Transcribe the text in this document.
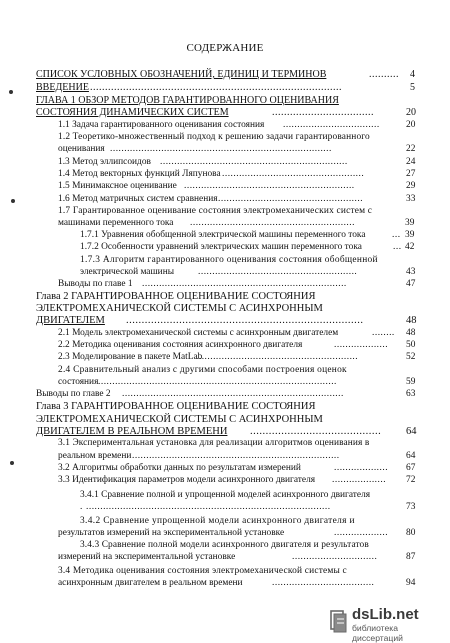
СОДЕРЖАНИЕ
СПИСОК УСЛОВНЫХ ОБОЗНАЧЕНИЙ, ЕДИНИЦ И ТЕРМИНОВ	..........	4
ВВЕДЕНИЕ ....................................................................................	5
ГЛАВА 1 ОБЗОР МЕТОДОВ ГАРАНТИРОВАННОГО ОЦЕНИВАНИЯ
СОСТОЯНИЯ ДИНАМИЧЕСКИХ СИСТЕМ	..................................	20
1.1 Задача гарантированного оценивания состояния ..................................	20
1.2 Теоретико-множественный подход к решению задачи гарантированного
оценивания ..............................................................................	22
1.3 Метод эллипсоидов ..................................................................	24
1.4 Метод векторных функций Ляпунова ..................................................	27
1.5 Минимаксное оценивание ............................................................	29
1.6 Метод матричных систем сравнения ...................................................	33
1.7 Гарантированное оценивание состояния электромеханических систем с
машинами переменного тока ..........................................................	39
1.7.1 Уравнения обобщенной электрической машины переменного тока	... 39
1.7.2 Особенности уравнений электрических машин переменного тока	... 42
1.7.3 Алгоритм гарантированного оценивания состояния обобщенной
электрической машины	........................................................	43
Выводы по главе 1 ........................................................................	47
Глава 2 ГАРАНТИРОВАННОЕ ОЦЕНИВАНИЕ СОСТОЯНИЯ
ЭЛЕКТРОМЕХАНИЧЕСКОЙ СИСТЕМЫ С АСИНХРОННЫМ
ДВИГАТЕЛЕМ ............................................................................	48
2.1 Модель электромеханической системы с асинхронным двигателем	........	48
2.2 Методика оценивания состояния асинхронного двигателя	...................	50
2.3 Моделирование в пакете MatLab
.........................................................	52
2.4 Сравнительный анализ с другими способами построения оценок
состояния ....................................................................................	59
Выводы по главе 2 ..............................................................................	63
Глава 3 ГАРАНТИРОВАННОЕ ОЦЕНИВАНИЕ СОСТОЯНИЯ
ЭЛЕКТРОМЕХАНИЧЕСКОЙ СИСТЕМЫ С АСИНХРОННЫМ
ДВИГАТЕЛЕМ В РЕАЛЬНОМ ВРЕМЕНИ ..........................................	64
3.1 Экспериментальная установка для реализации алгоритмов оценивания в
реальном времени .........................................................................	64
3.2 Алгоритмы обработки данных по результатам измерений	...................	67
3.3 Идентификация параметров модели асинхронного двигателя ...................	72
3.4.1 Сравнение полной и упрощенной моделей асинхронного двигателя
. ......................................................................................	73
3.4.2 Сравнение упрощенной модели асинхронного двигателя и
результатов измерений на экспериментальной установке	...................	80
3.4.3 Сравнение полной модели асинхронного двигателя и результатов
измерений на экспериментальной установке	..............................	87
3.4 Методика оценивания состояния электромеханической системы с
асинхронным двигателем в реальном времени	....................................	94
dsLib.net
библиотека диссертаций
